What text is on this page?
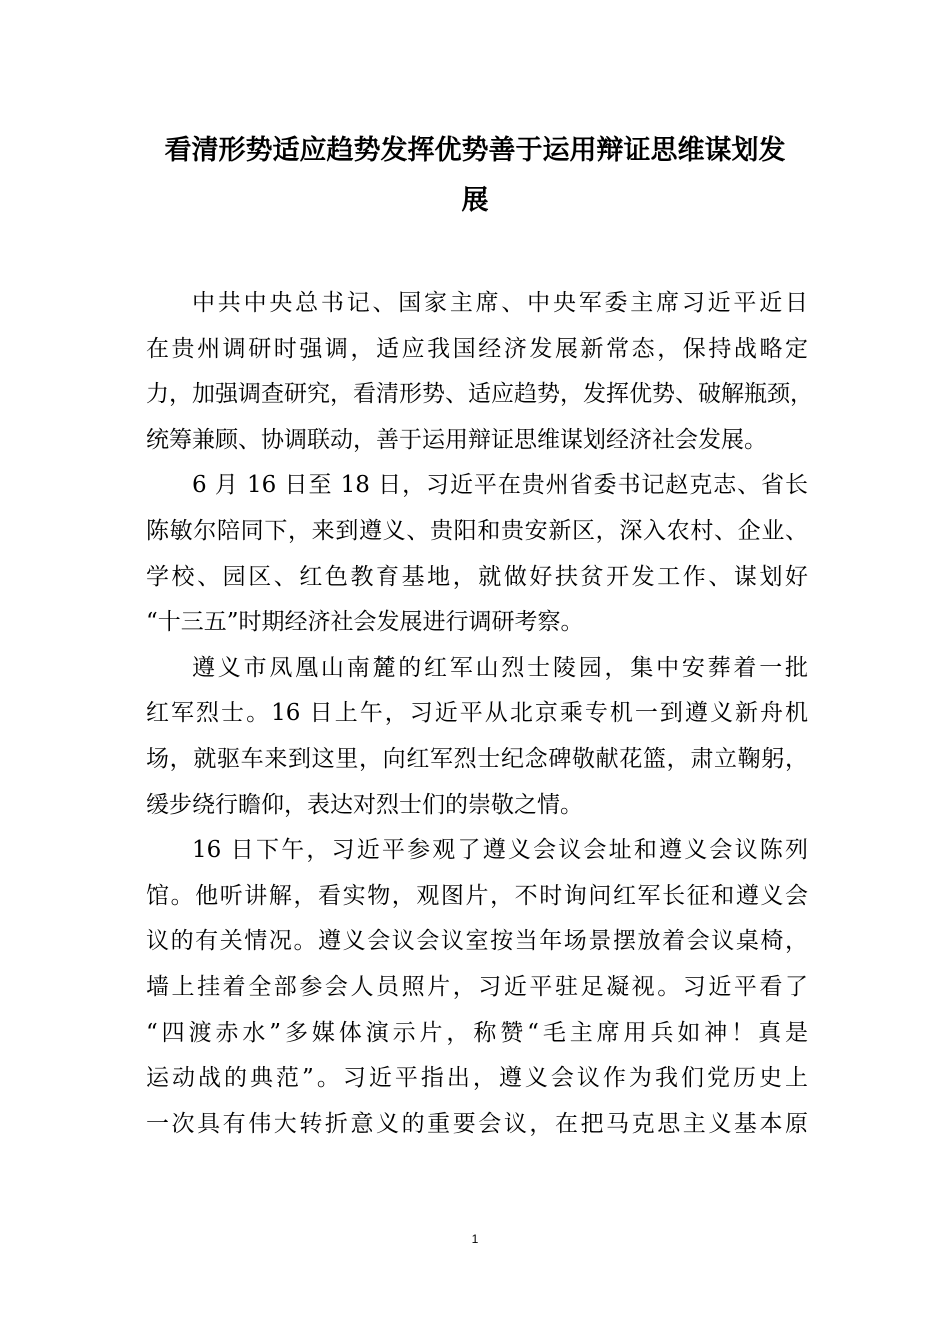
看清形势适应趋势发挥优势善于运用辩证思维谋划发
展
中共中央总书记、国家主席、中央军委主席习近平近日
在贵州调研时强调，适应我国经济发展新常态，保持战略定
力，加强调查研究，看清形势、适应趋势，发挥优势、破解瓶颈，
统筹兼顾、协调联动，善于运用辩证思维谋划经济社会发展。
6 月 16 日至 18 日，习近平在贵州省委书记赵克志、省长
陈敏尔陪同下，来到遵义、贵阳和贵安新区，深入农村、企业、
学校、园区、红色教育基地，就做好扶贫开发工作、谋划好
“十三五”时期经济社会发展进行调研考察。
遵义市凤凰山南麓的红军山烈士陵园，集中安葬着一批
红军烈士。16 日上午，习近平从北京乘专机一到遵义新舟机
场，就驱车来到这里，向红军烈士纪念碑敬献花篮，肃立鞠躬，
缓步绕行瞻仰，表达对烈士们的崇敬之情。
16 日下午，习近平参观了遵义会议会址和遵义会议陈列
馆。他听讲解，看实物，观图片，不时询问红军长征和遵义会
议的有关情况。遵义会议会议室按当年场景摆放着会议桌椅，
墙上挂着全部参会人员照片，习近平驻足凝视。习近平看了
“四渡赤水”多媒体演示片，称赞“毛主席用兵如神！真是
运动战的典范”。习近平指出，遵义会议作为我们党历史上
一次具有伟大转折意义的重要会议，在把马克思主义基本原
1
